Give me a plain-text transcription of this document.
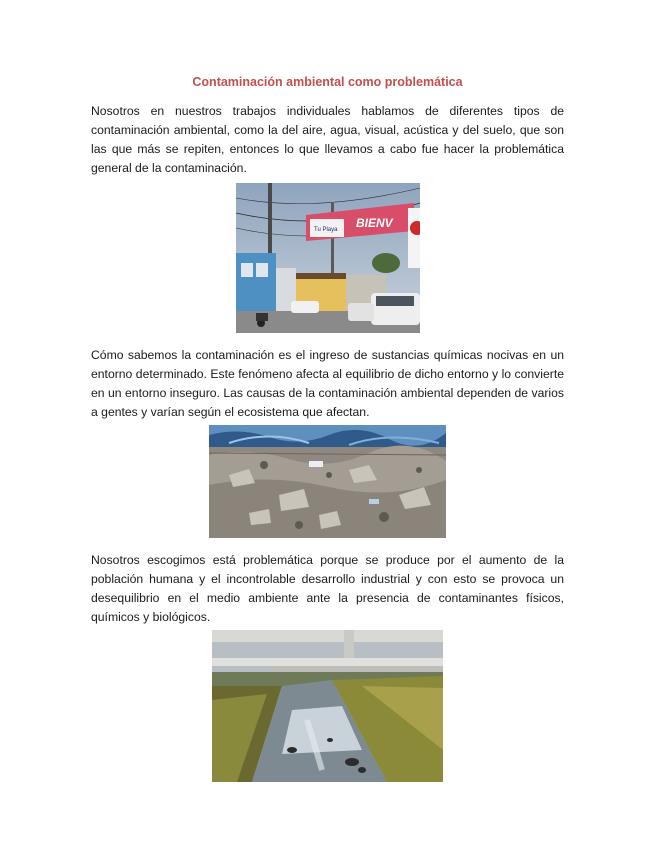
Contaminación ambiental como problemática

Nosotros en nuestros trabajos individuales hablamos de diferentes tipos de contaminación ambiental, como la del aire, agua, visual, acústica y del suelo, que son las que más se repiten, entonces lo que llevamos a cabo fue hacer la problemática general de la contaminación.

Tu Playa BIENV

Cómo sabemos la contaminación es el ingreso de sustancias químicas nocivas en un entorno determinado. Este fenómeno afecta al equilibrio de dicho entorno y lo convierte en un entorno inseguro. Las causas de la contaminación ambiental dependen de varios a gentes y varían según el ecosistema que afectan.

Nosotros escogimos está problemática porque se produce por el aumento de la población humana y el incontrolable desarrollo industrial y con esto se provoca un desequilibrio en el medio ambiente ante la presencia de contaminantes físicos, químicos y biológicos.
